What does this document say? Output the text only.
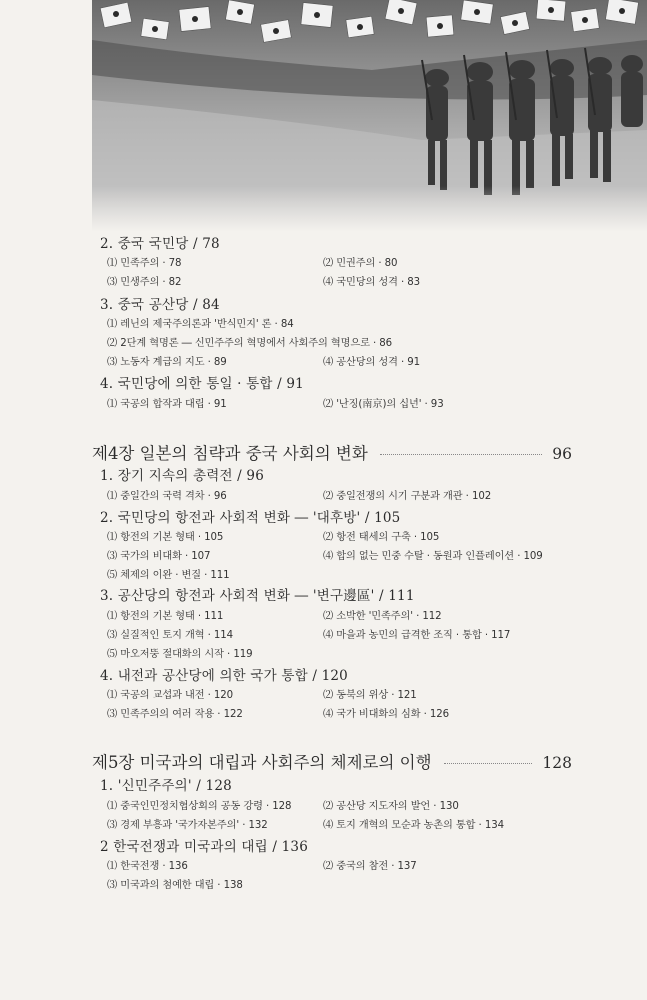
2. 중국 국민당 / 78
⑴ 민족주의 · 78	⑵ 민권주의 · 80
⑶ 민생주의 · 82	⑷ 국민당의 성격 · 83
3. 중국 공산당 / 84
⑴ 레닌의 제국주의론과 '반식민지' 론 · 84
⑵ 2단계 혁명론 ― 신민주주의 혁명에서 사회주의 혁명으로 · 86
⑶ 노동자 계급의 지도 · 89	⑷ 공산당의 성격 · 91
4. 국민당에 의한 통일 · 통합 / 91
⑴ 국공의 합작과 대립 · 91	⑵ '난징(南京)의 십년' · 93
제4장 일본의 침략과 중국 사회의 변화	96
1. 장기 지속의 총력전 / 96
⑴ 중일간의 국력 격차 · 96	⑵ 중일전쟁의 시기 구분과 개관 · 102
2. 국민당의 항전과 사회적 변화 ― '대후방' / 105
⑴ 항전의 기본 형태 · 105	⑵ 항전 태세의 구축 · 105
⑶ 국가의 비대화 · 107	⑷ 합의 없는 민중 수탈 · 동원과 인플레이션 · 109
⑸ 체제의 이완 · 변질 · 111
3. 공산당의 항전과 사회적 변화 ― '변구邊區' / 111
⑴ 항전의 기본 형태 · 111	⑵ 소박한 '민족주의' · 112
⑶ 실질적인 토지 개혁 · 114	⑷ 마을과 농민의 급격한 조직 · 통합 · 117
⑸ 마오저뚱 절대화의 시작 · 119
4. 내전과 공산당에 의한 국가 통합 / 120
⑴ 국공의 교섭과 내전 · 120	⑵ 동북의 위상 · 121
⑶ 민족주의의 여러 작용 · 122	⑷ 국가 비대화의 심화 · 126
제5장 미국과의 대립과 사회주의 체제로의 이행	128
1. '신민주주의' / 128
⑴ 중국인민정치협상회의 공동 강령 · 128	⑵ 공산당 지도자의 발언 · 130
⑶ 경제 부흥과 '국가자본주의' · 132	⑷ 토지 개혁의 모순과 농촌의 통합 · 134
2 한국전쟁과 미국과의 대립 / 136
⑴ 한국전쟁 · 136	⑵ 중국의 참전 · 137
⑶ 미국과의 첨예한 대립 · 138
